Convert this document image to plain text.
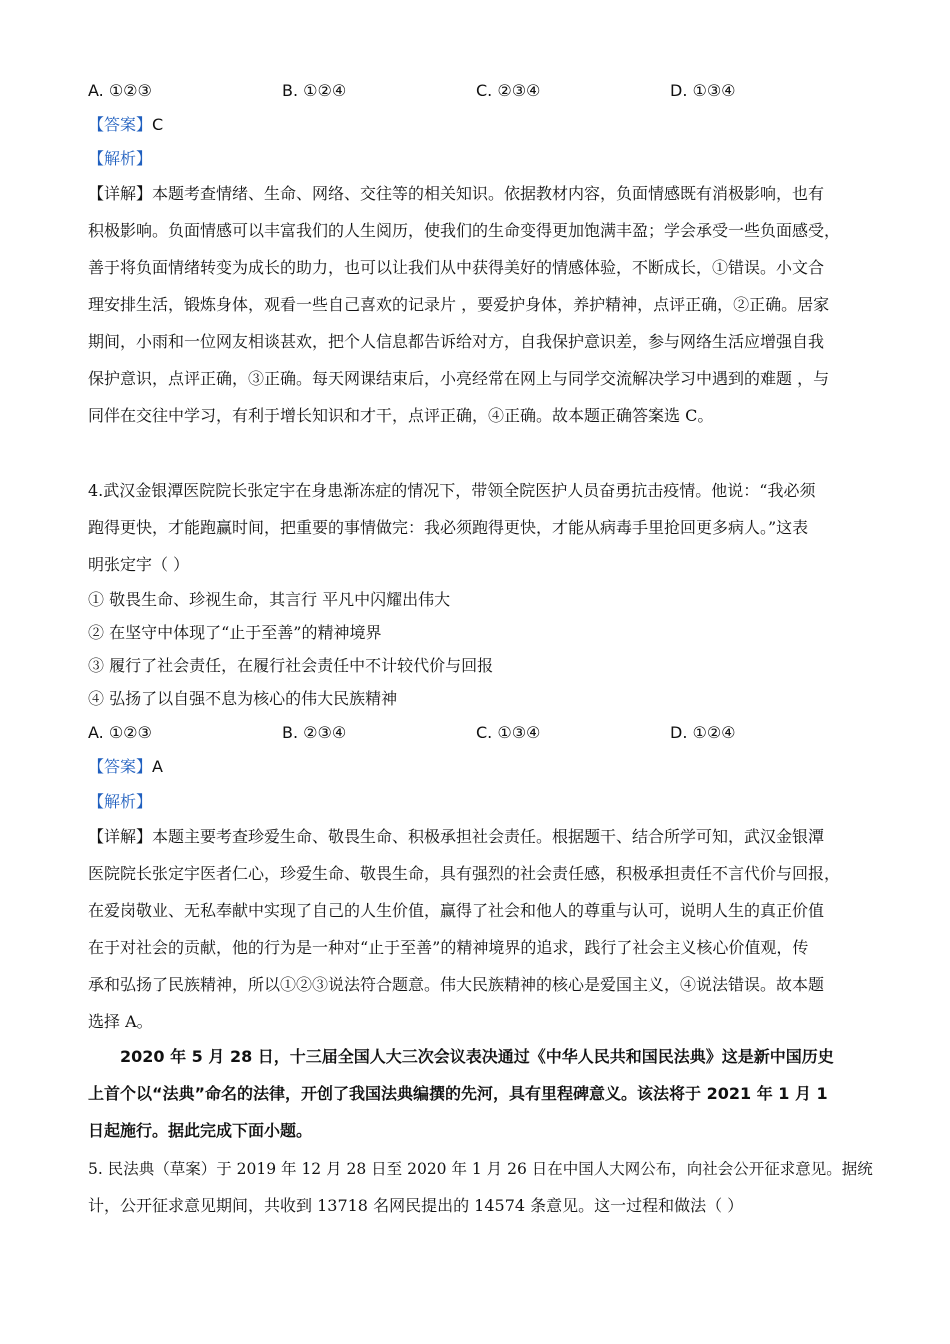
A. ①②③	B. ①②④	C. ②③④	D. ①③④
【答案】C
【解析】
【详解】本题考查情绪、生命、网络、交往等的相关知识。依据教材内容，负面情感既有消极影响，也有
积极影响。负面情感可以丰富我们的人生阅历，使我们的生命变得更加饱满丰盈；学会承受一些负面感受，
善于将负面情绪转变为成长的助力，也可以让我们从中获得美好的情感体验，不断成长，①错误。小文合
理安排生活，锻炼身体，观看一些自己喜欢的记录片 ，要爱护身体，养护精神，点评正确，②正确。居家
期间，小雨和一位网友相谈甚欢，把个人信息都告诉给对方，自我保护意识差，参与网络生活应增强自我
保护意识，点评正确，③正确。每天网课结束后，小亮经常在网上与同学交流解决学习中遇到的难题 ，与
同伴在交往中学习，有利于增长知识和才干，点评正确，④正确。故本题正确答案选 C。
4.武汉金银潭医院院长张定宇在身患渐冻症的情况下，带领全院医护人员奋勇抗击疫情。他说：“我必须
跑得更快，才能跑赢时间，把重要的事情做完：我必须跑得更快，才能从病毒手里抢回更多病人。”这表
明张定宇（ ）
① 敬畏生命、珍视生命，其言行 平凡中闪耀出伟大
② 在坚守中体现了“止于至善”的精神境界
③ 履行了社会责任，在履行社会责任中不计较代价与回报
④ 弘扬了以自强不息为核心的伟大民族精神
A. ①②③	B. ②③④	C. ①③④	D. ①②④
【答案】A
【解析】
【详解】本题主要考查珍爱生命、敬畏生命、积极承担社会责任。根据题干、结合所学可知，武汉金银潭
医院院长张定宇医者仁心，珍爱生命、敬畏生命，具有强烈的社会责任感，积极承担责任不言代价与回报，
在爱岗敬业、无私奉献中实现了自己的人生价值，赢得了社会和他人的尊重与认可，说明人生的真正价值
在于对社会的贡献，他的行为是一种对“止于至善”的精神境界的追求，践行了社会主义核心价值观，传
承和弘扬了民族精神，所以①②③说法符合题意。伟大民族精神的核心是爱国主义，④说法错误。故本题
选择 A。
2020 年 5 月 28 日，十三届全国人大三次会议表决通过《中华人民共和国民法典》这是新中国历史
上首个以“法典”命名的法律，开创了我国法典编撰的先河，具有里程碑意义。该法将于 2021 年 1 月 1
日起施行。据此完成下面小题。
5. 民法典（草案）于 2019 年 12 月 28 日至 2020 年 1 月 26 日在中国人大网公布，向社会公开征求意见。据统
计，公开征求意见期间，共收到 13718 名网民提出的 14574 条意见。这一过程和做法（ ）
